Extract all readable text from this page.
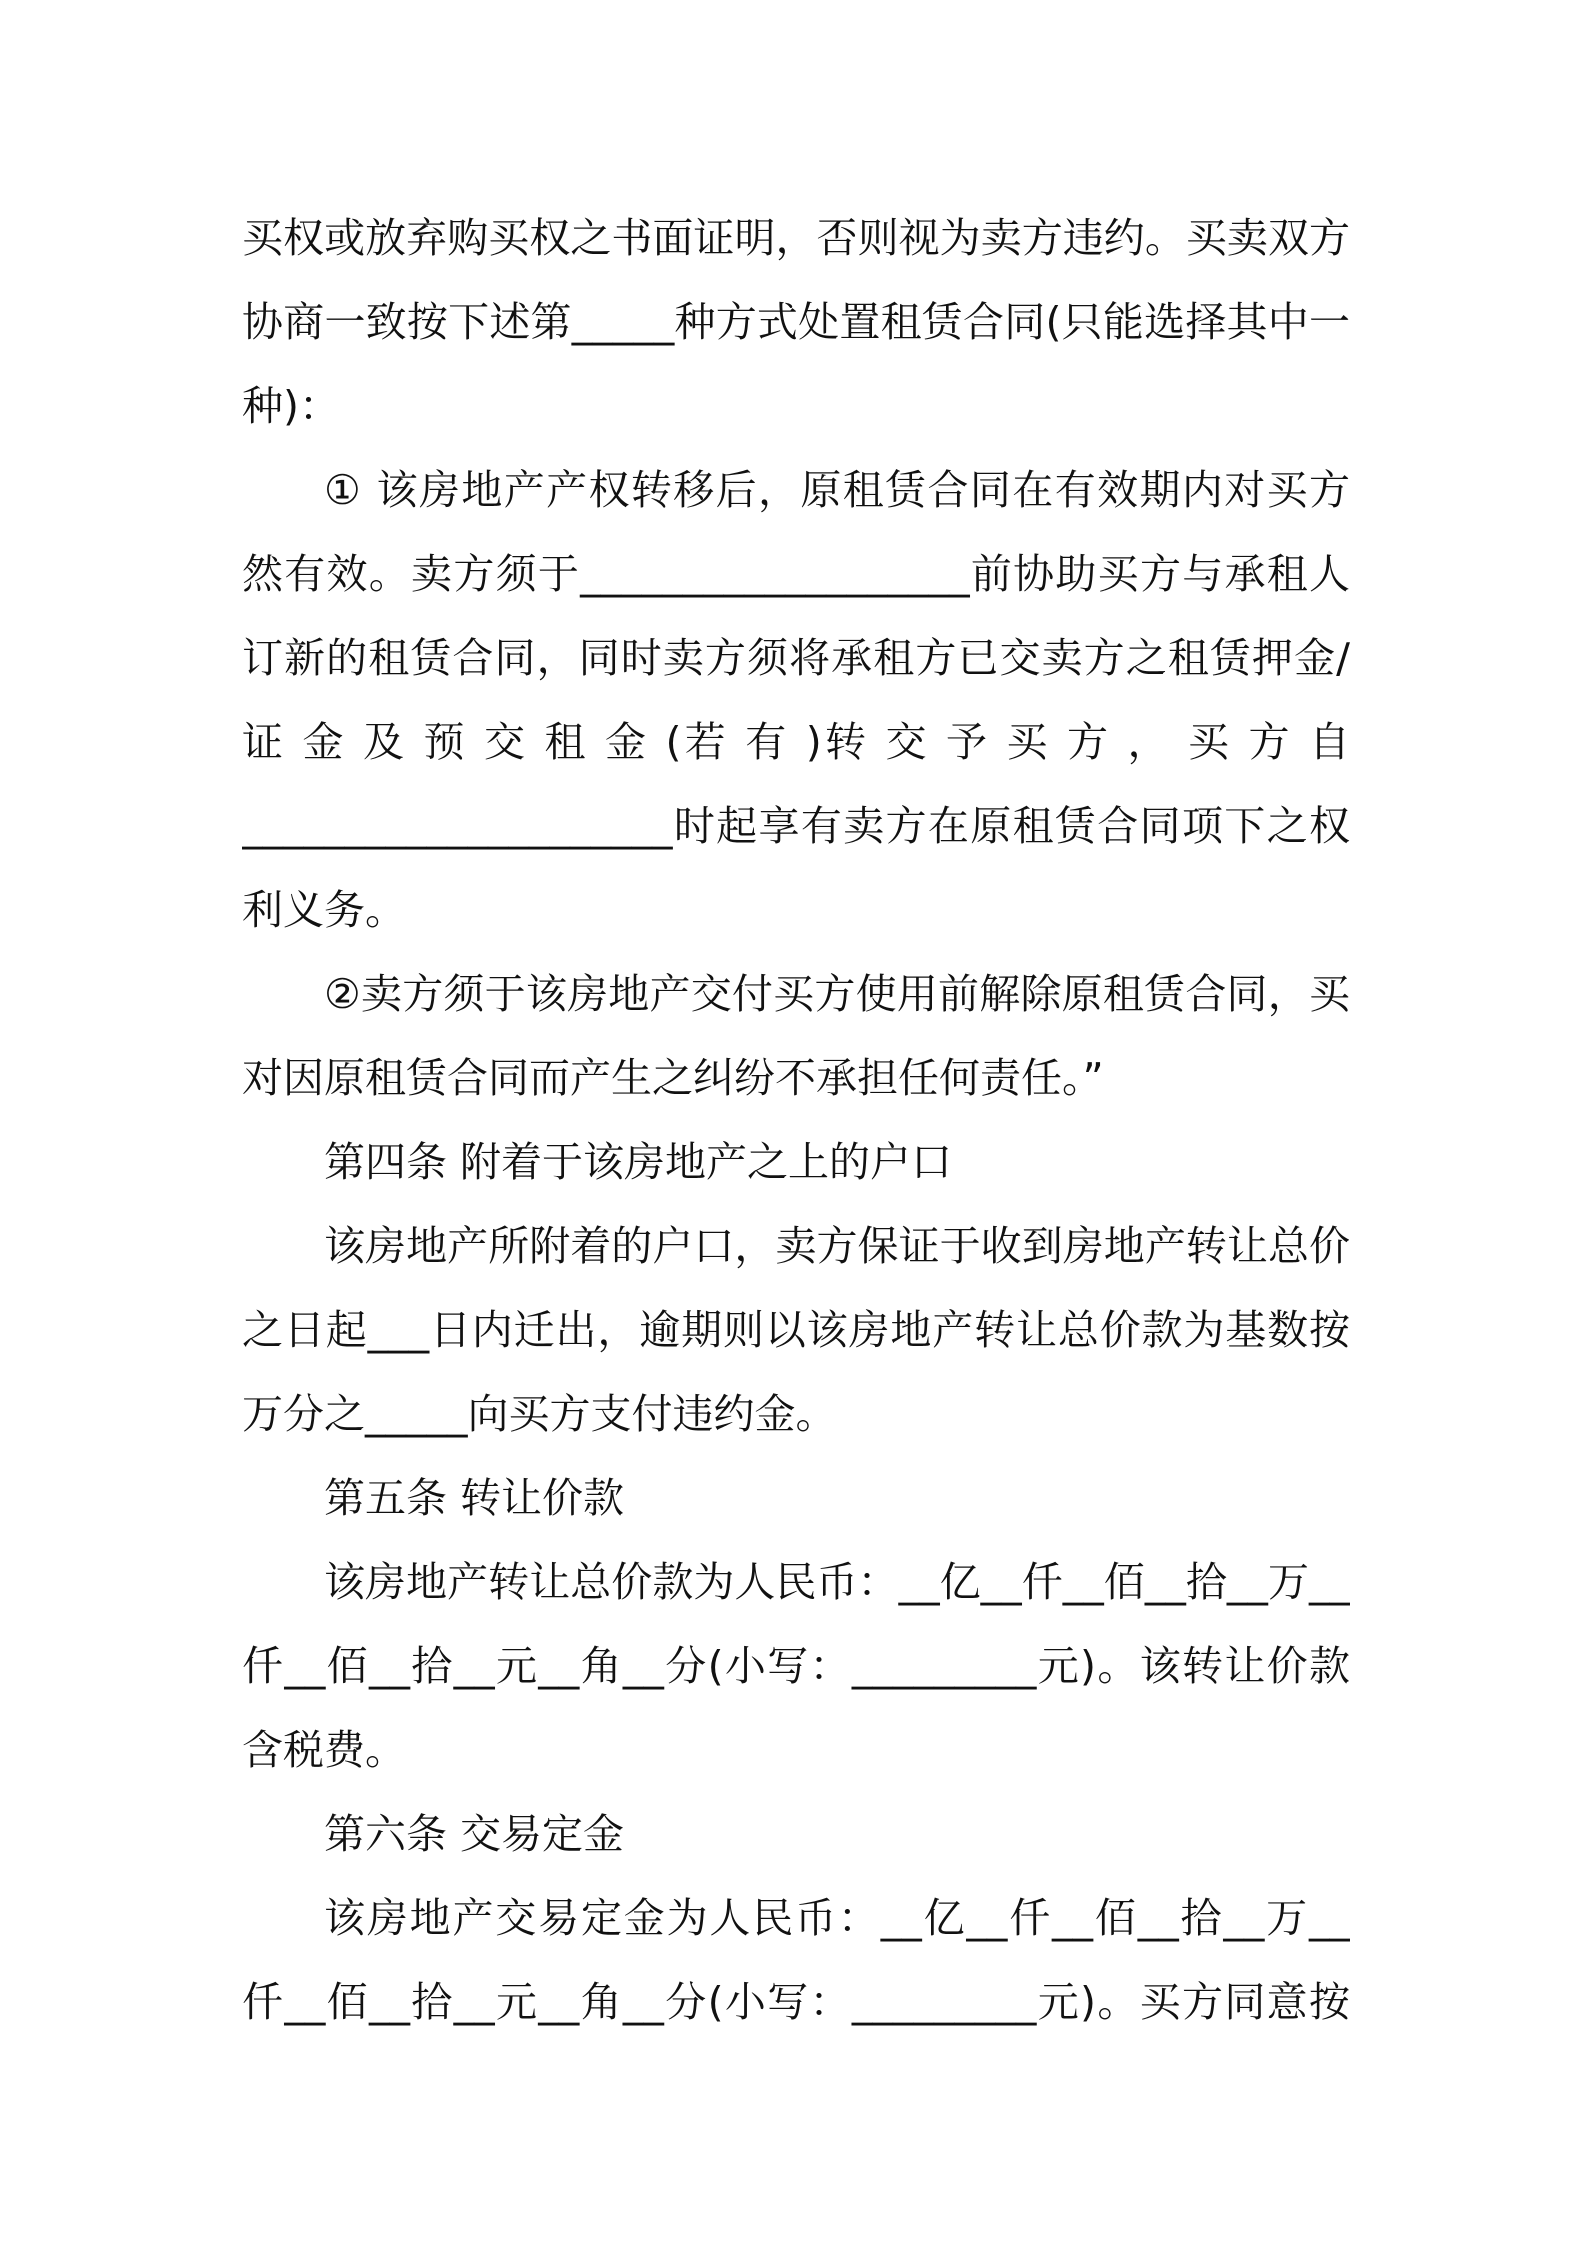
买权或放弃购买权之书面证明，否则视为卖方违约。买卖双方
协商一致按下述第_____种方式处置租赁合同(只能选择其中一
种)：
① 该房地产产权转移后，原租赁合同在有效期内对买方
然有效。卖方须于___________________前协助买方与承租人
订新的租赁合同，同时卖方须将承租方已交卖方之租赁押金/
证 金 及 预 交 租 金 (若 有 )转 交 予 买 方 ， 买 方 自
_____________________时起享有卖方在原租赁合同项下之权
利义务。
②卖方须于该房地产交付买方使用前解除原租赁合同，买
对因原租赁合同而产生之纠纷不承担任何责任。”
第四条 附着于该房地产之上的户口
该房地产所附着的户口，卖方保证于收到房地产转让总价
之日起___日内迁出，逾期则以该房地产转让总价款为基数按
万分之_____向买方支付违约金。
第五条 转让价款
该房地产转让总价款为人民币：__亿__仟__佰__拾__万__
仟__佰__拾__元__角__分(小写：_________元)。该转让价款
含税费。
第六条 交易定金
该房地产交易定金为人民币：__亿__仟__佰__拾__万__
仟__佰__拾__元__角__分(小写：_________元)。买方同意按
